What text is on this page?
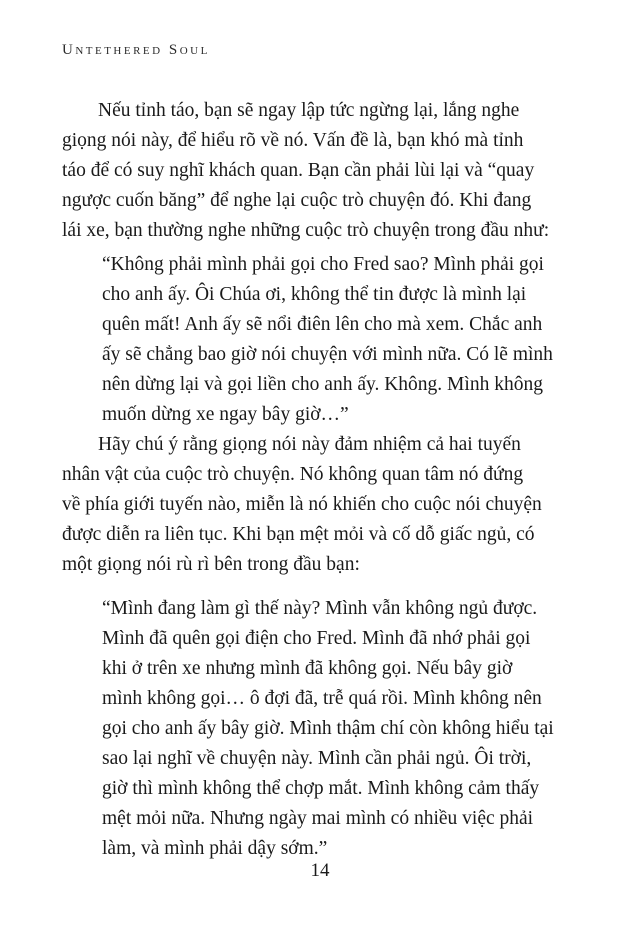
Untethered Soul

Nếu tỉnh táo, bạn sẽ ngay lập tức ngừng lại, lắng nghe
giọng nói này, để hiểu rõ về nó. Vấn đề là, bạn khó mà tỉnh
táo để có suy nghĩ khách quan. Bạn cần phải lùi lại và “quay
ngược cuốn băng” để nghe lại cuộc trò chuyện đó. Khi đang
lái xe, bạn thường nghe những cuộc trò chuyện trong đầu như:

“Không phải mình phải gọi cho Fred sao? Mình phải gọi
cho anh ấy. Ôi Chúa ơi, không thể tin được là mình lại
quên mất! Anh ấy sẽ nổi điên lên cho mà xem. Chắc anh
ấy sẽ chẳng bao giờ nói chuyện với mình nữa. Có lẽ mình
nên dừng lại và gọi liền cho anh ấy. Không. Mình không
muốn dừng xe ngay bây giờ…”

Hãy chú ý rằng giọng nói này đảm nhiệm cả hai tuyến
nhân vật của cuộc trò chuyện. Nó không quan tâm nó đứng
về phía giới tuyến nào, miễn là nó khiến cho cuộc nói chuyện
được diễn ra liên tục. Khi bạn mệt mỏi và cố dỗ giấc ngủ, có
một giọng nói rù rì bên trong đầu bạn:

“Mình đang làm gì thế này? Mình vẫn không ngủ được.
Mình đã quên gọi điện cho Fred. Mình đã nhớ phải gọi
khi ở trên xe nhưng mình đã không gọi. Nếu bây giờ
mình không gọi… ô đợi đã, trễ quá rồi. Mình không nên
gọi cho anh ấy bây giờ. Mình thậm chí còn không hiểu tại
sao lại nghĩ về chuyện này. Mình cần phải ngủ. Ôi trời,
giờ thì mình không thể chợp mắt. Mình không cảm thấy
mệt mỏi nữa. Nhưng ngày mai mình có nhiều việc phải
làm, và mình phải dậy sớm.”

14
